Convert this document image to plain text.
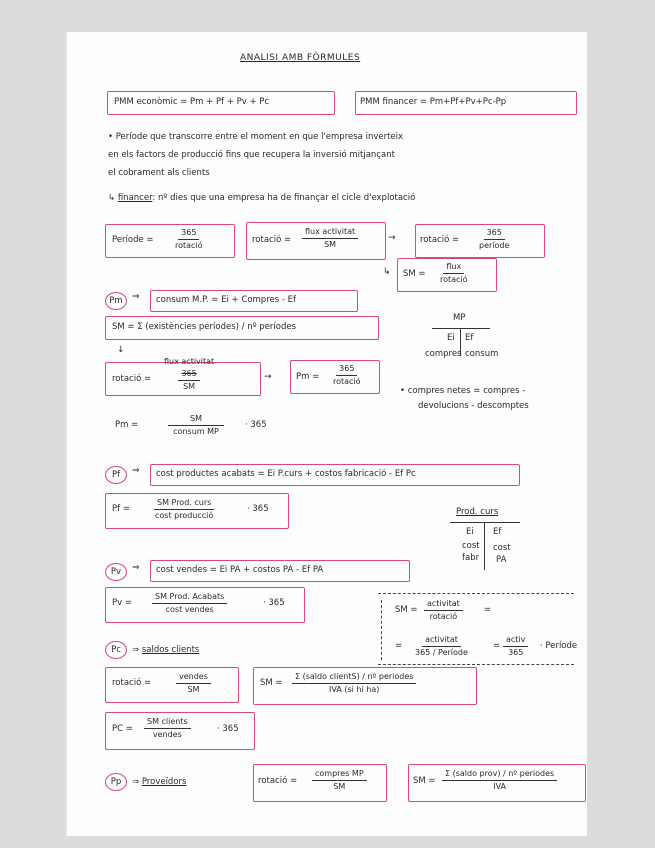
ANALISI AMB FÒRMULES
PMM econòmic = Pm + Pf + Pv + Pc	PMM financer = Pm+Pf+Pv+Pc-Pp
• Període que transcorre entre el moment en que l'empresa inverteix
en els factors de producció fins que recupera la inversió mitjançant
el cobrament als clients
↳ financer: nº dies que una empresa ha de finançar el cicle d'explotació
Període =
365
rotació
rotació =
flux activitat
SM
→	rotació =
365
període
↳ SM =
flux
rotació
Pm	⇒ consum M.P. = Ei + Compres - Ef
SM = Σ (existències períodes) / nº períodes
MP
Ei Ef
compres consum
↓
rotació =
flux activitat
365
SM
→	Pm =
365
rotació
• compres netes = compres -
devolucions - descomptes
Pm =
SM
consum MP
· 365
Pf	⇒ cost productes acabats = Ei P.curs + costos fabricació - Ef Pc
Pf =
SM Prod. curs
cost producció
· 365	Prod. curs
Ei Ef
cost
fabr
cost
PA
Pv	⇒ cost vendes = Ei PA + costos PA - Ef PA
Pv =
SM Prod. Acabats
cost vendes
· 365
SM =
activitat
rotació
=
=
activitat
365 / Període
=
activ
365
· Període
Pc	⇒ saldos clients
rotació =
vendes
SM
SM =
Σ (saldo clientS) / nº periodes
IVA (si hi ha)
PC =
SM clients
vendes
· 365
Pp	⇒ Proveïdors	rotació =
compres MP
SM
SM =
Σ (saldo prov) / nº periodes
IVA
